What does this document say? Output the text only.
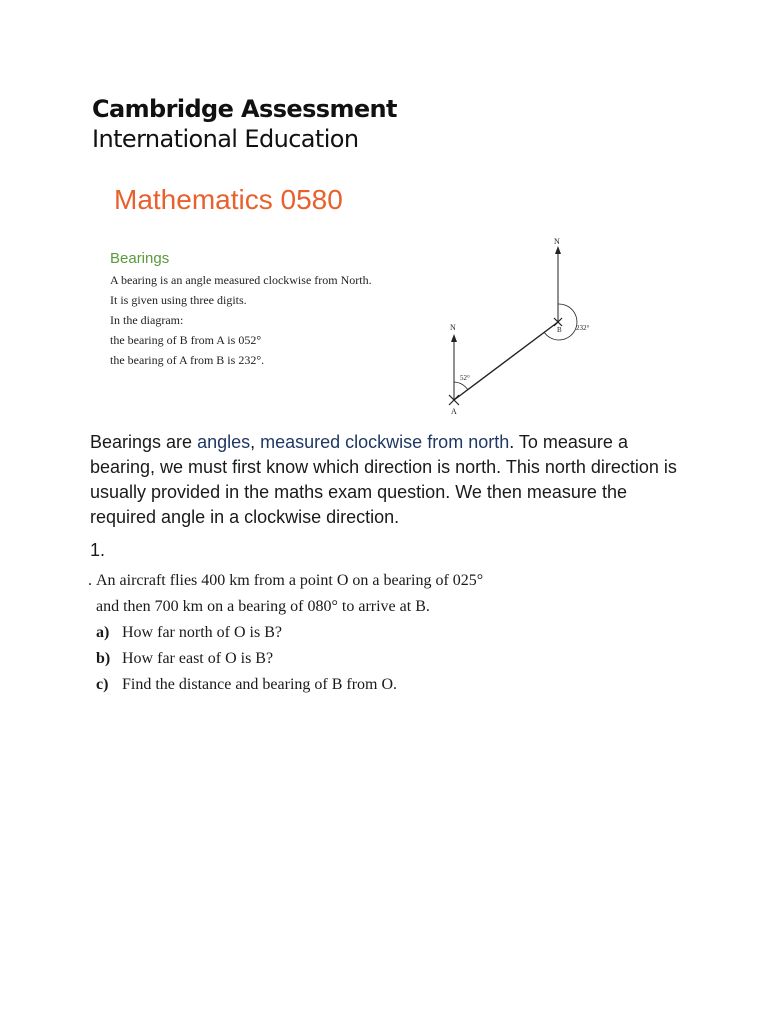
Cambridge Assessment
International Education
Mathematics 0580
Bearings
A bearing is an angle measured clockwise from North.
It is given using three digits.
In the diagram:
the bearing of B from A is 052°
the bearing of A from B is 232°.
N
N
52°
232°
A
B
Bearings are angles, measured clockwise from north. To measure a bearing, we must first know which direction is north. This north direction is usually provided in the maths exam question. We then measure the required angle in a clockwise direction.
1.
. An aircraft flies 400 km from a point O on a bearing of 025°
and then 700 km on a bearing of 080° to arrive at B.
a) How far north of O is B?
b) How far east of O is B?
c) Find the distance and bearing of B from O.
